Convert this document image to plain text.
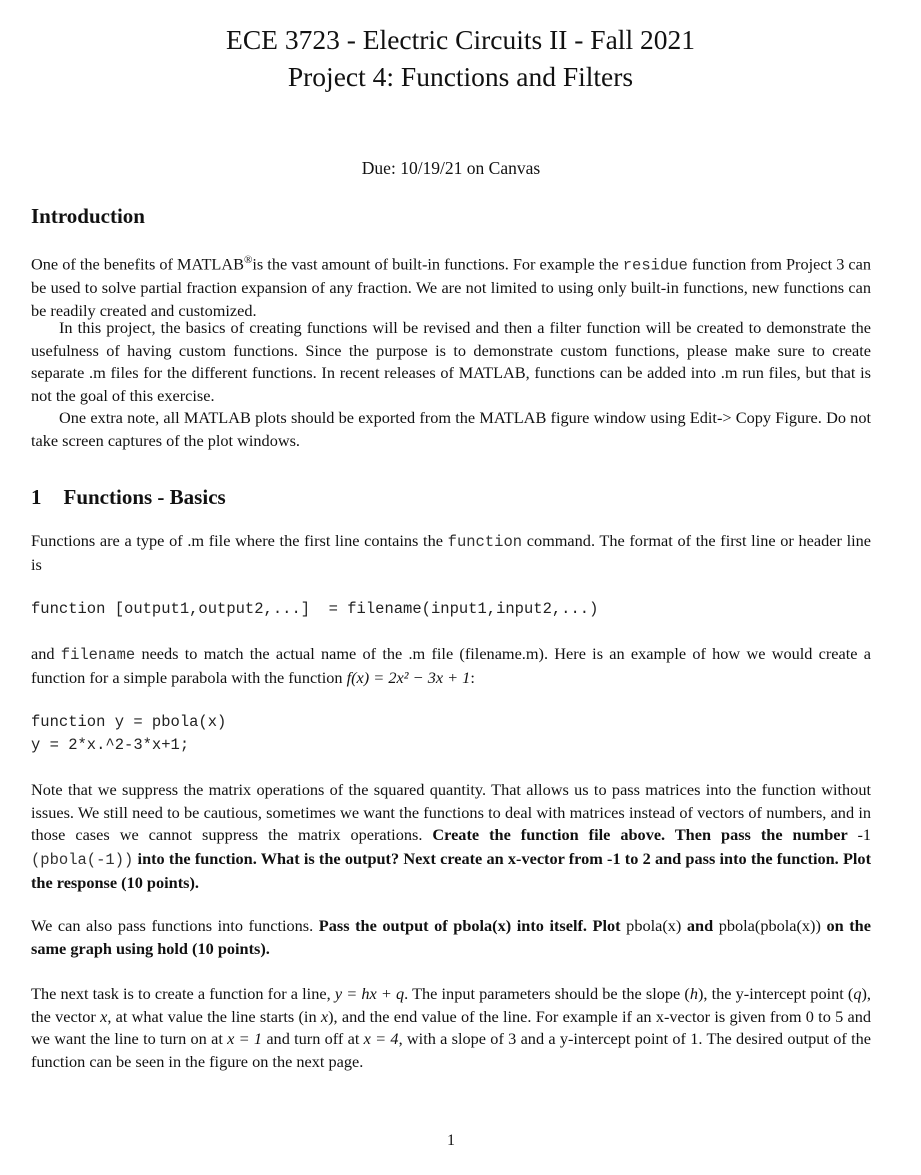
ECE 3723 - Electric Circuits II - Fall 2021
Project 4: Functions and Filters
Due: 10/19/21 on Canvas
Introduction

One of the benefits of MATLAB®is the vast amount of built-in functions. For example the residue function from Project 3 can be used to solve partial fraction expansion of any fraction. We are not limited to using only built-in functions, new functions can be readily created and customized.

In this project, the basics of creating functions will be revised and then a filter function will be created to demonstrate the usefulness of having custom functions. Since the purpose is to demonstrate custom functions, please make sure to create separate .m files for the different functions. In recent releases of MATLAB, functions can be added into .m run files, but that is not the goal of this exercise.

One extra note, all MATLAB plots should be exported from the MATLAB figure window using Edit-> Copy Figure. Do not take screen captures of the plot windows.

1 Functions - Basics

Functions are a type of .m file where the first line contains the function command. The format of the first line or header line is

function [output1,output2,...]  = filename(input1,input2,...)

and filename needs to match the actual name of the .m file (filename.m). Here is an example of how we would create a function for a simple parabola with the function f(x) = 2x² − 3x + 1:

function y = pbola(x)
y = 2*x.^2-3*x+1;

Note that we suppress the matrix operations of the squared quantity. That allows us to pass matrices into the function without issues. We still need to be cautious, sometimes we want the functions to deal with matrices instead of vectors of numbers, and in those cases we cannot suppress the matrix operations. Create the function file above. Then pass the number -1 (pbola(-1)) into the function. What is the output? Next create an x-vector from -1 to 2 and pass into the function. Plot the response (10 points).

We can also pass functions into functions. Pass the output of pbola(x) into itself. Plot pbola(x) and pbola(pbola(x)) on the same graph using hold (10 points).

The next task is to create a function for a line, y = hx + q. The input parameters should be the slope (h), the y-intercept point (q), the vector x, at what value the line starts (in x), and the end value of the line. For example if an x-vector is given from 0 to 5 and we want the line to turn on at x = 1 and turn off at x = 4, with a slope of 3 and a y-intercept point of 1. The desired output of the function can be seen in the figure on the next page.

1
